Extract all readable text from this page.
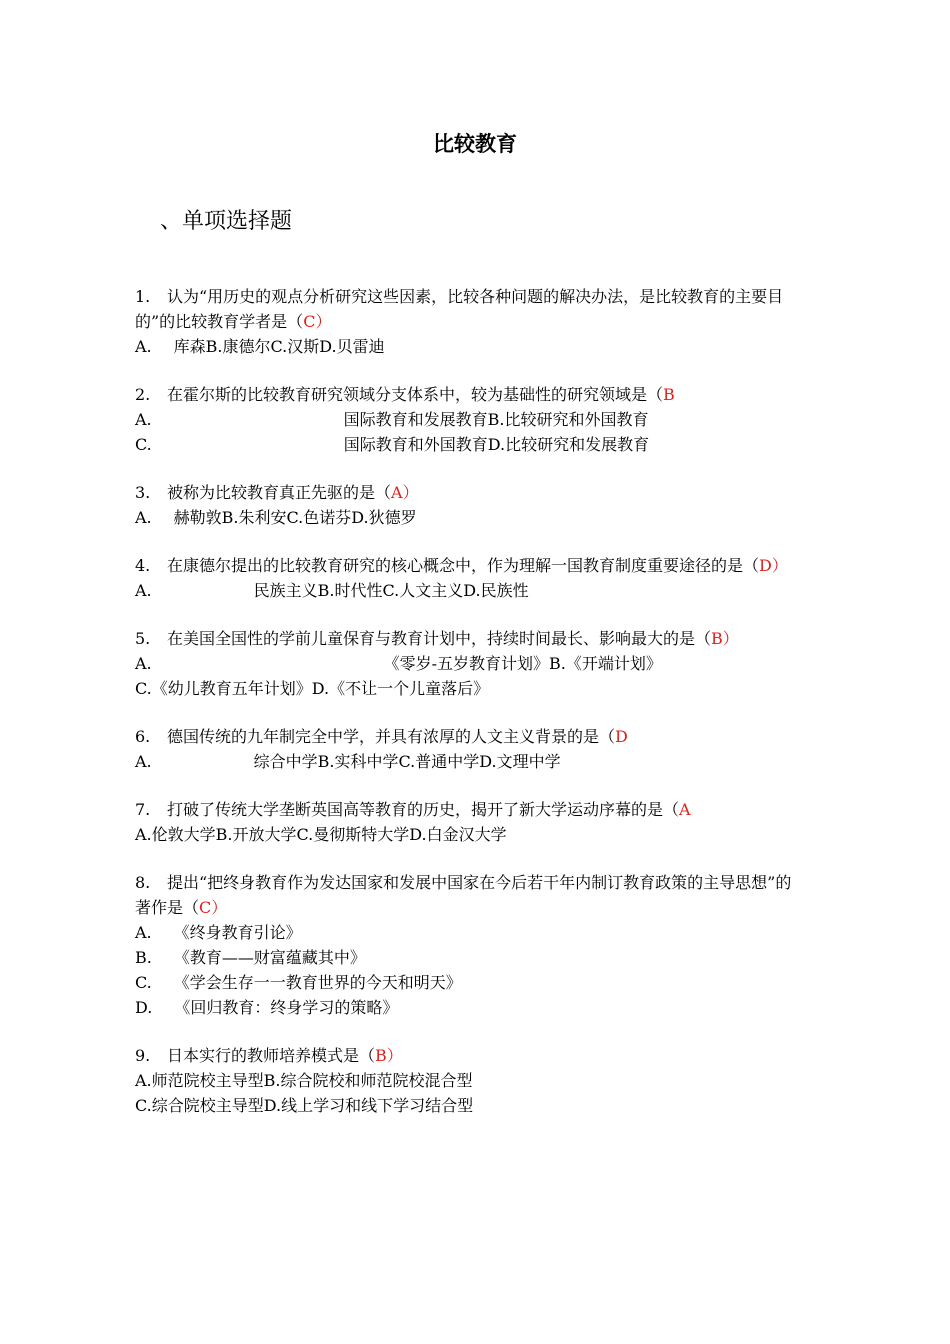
比较教育
、单项选择题

1. 认为“用历史的观点分析研究这些因素，比较各种问题的解决办法，是比较教育的主要目的”的比较教育学者是（C）

A. 库森B.康德尔C.汉斯D.贝雷迪

2. 在霍尔斯的比较教育研究领域分支体系中，较为基础性的研究领域是（B

A.	国际教育和发展教育B.比较研究和外国教育

C.	国际教育和外国教育D.比较研究和发展教育

3. 被称为比较教育真正先驱的是（A）

A. 赫勒敦B.朱利安C.色诺芬D.狄德罗

4. 在康德尔提出的比较教育研究的核心概念中，作为理解一国教育制度重要途径的是（D）

A.	民族主义B.时代性C.人文主义D.民族性

5. 在美国全国性的学前儿童保育与教育计划中，持续时间最长、影响最大的是（B）

A.	《零岁-五岁教育计划》B.《开端计划》

C.《幼儿教育五年计划》D.《不让一个儿童落后》

6. 德国传统的九年制完全中学，并具有浓厚的人文主义背景的是（D

A.	综合中学B.实科中学C.普通中学D.文理中学

7. 打破了传统大学垄断英国高等教育的历史，揭开了新大学运动序幕的是（A

A.伦敦大学B.开放大学C.曼彻斯特大学D.白金汉大学

8. 提出“把终身教育作为发达国家和发展中国家在今后若干年内制订教育政策的主导思想”的著作是（C）

A. 《终身教育引论》

B. 《教育——财富蕴藏其中》

C. 《学会生存一一教育世界的今天和明天》

D. 《回归教育：终身学习的策略》

9. 日本实行的教师培养模式是（B）

A.师范院校主导型B.综合院校和师范院校混合型

C.综合院校主导型D.线上学习和线下学习结合型
